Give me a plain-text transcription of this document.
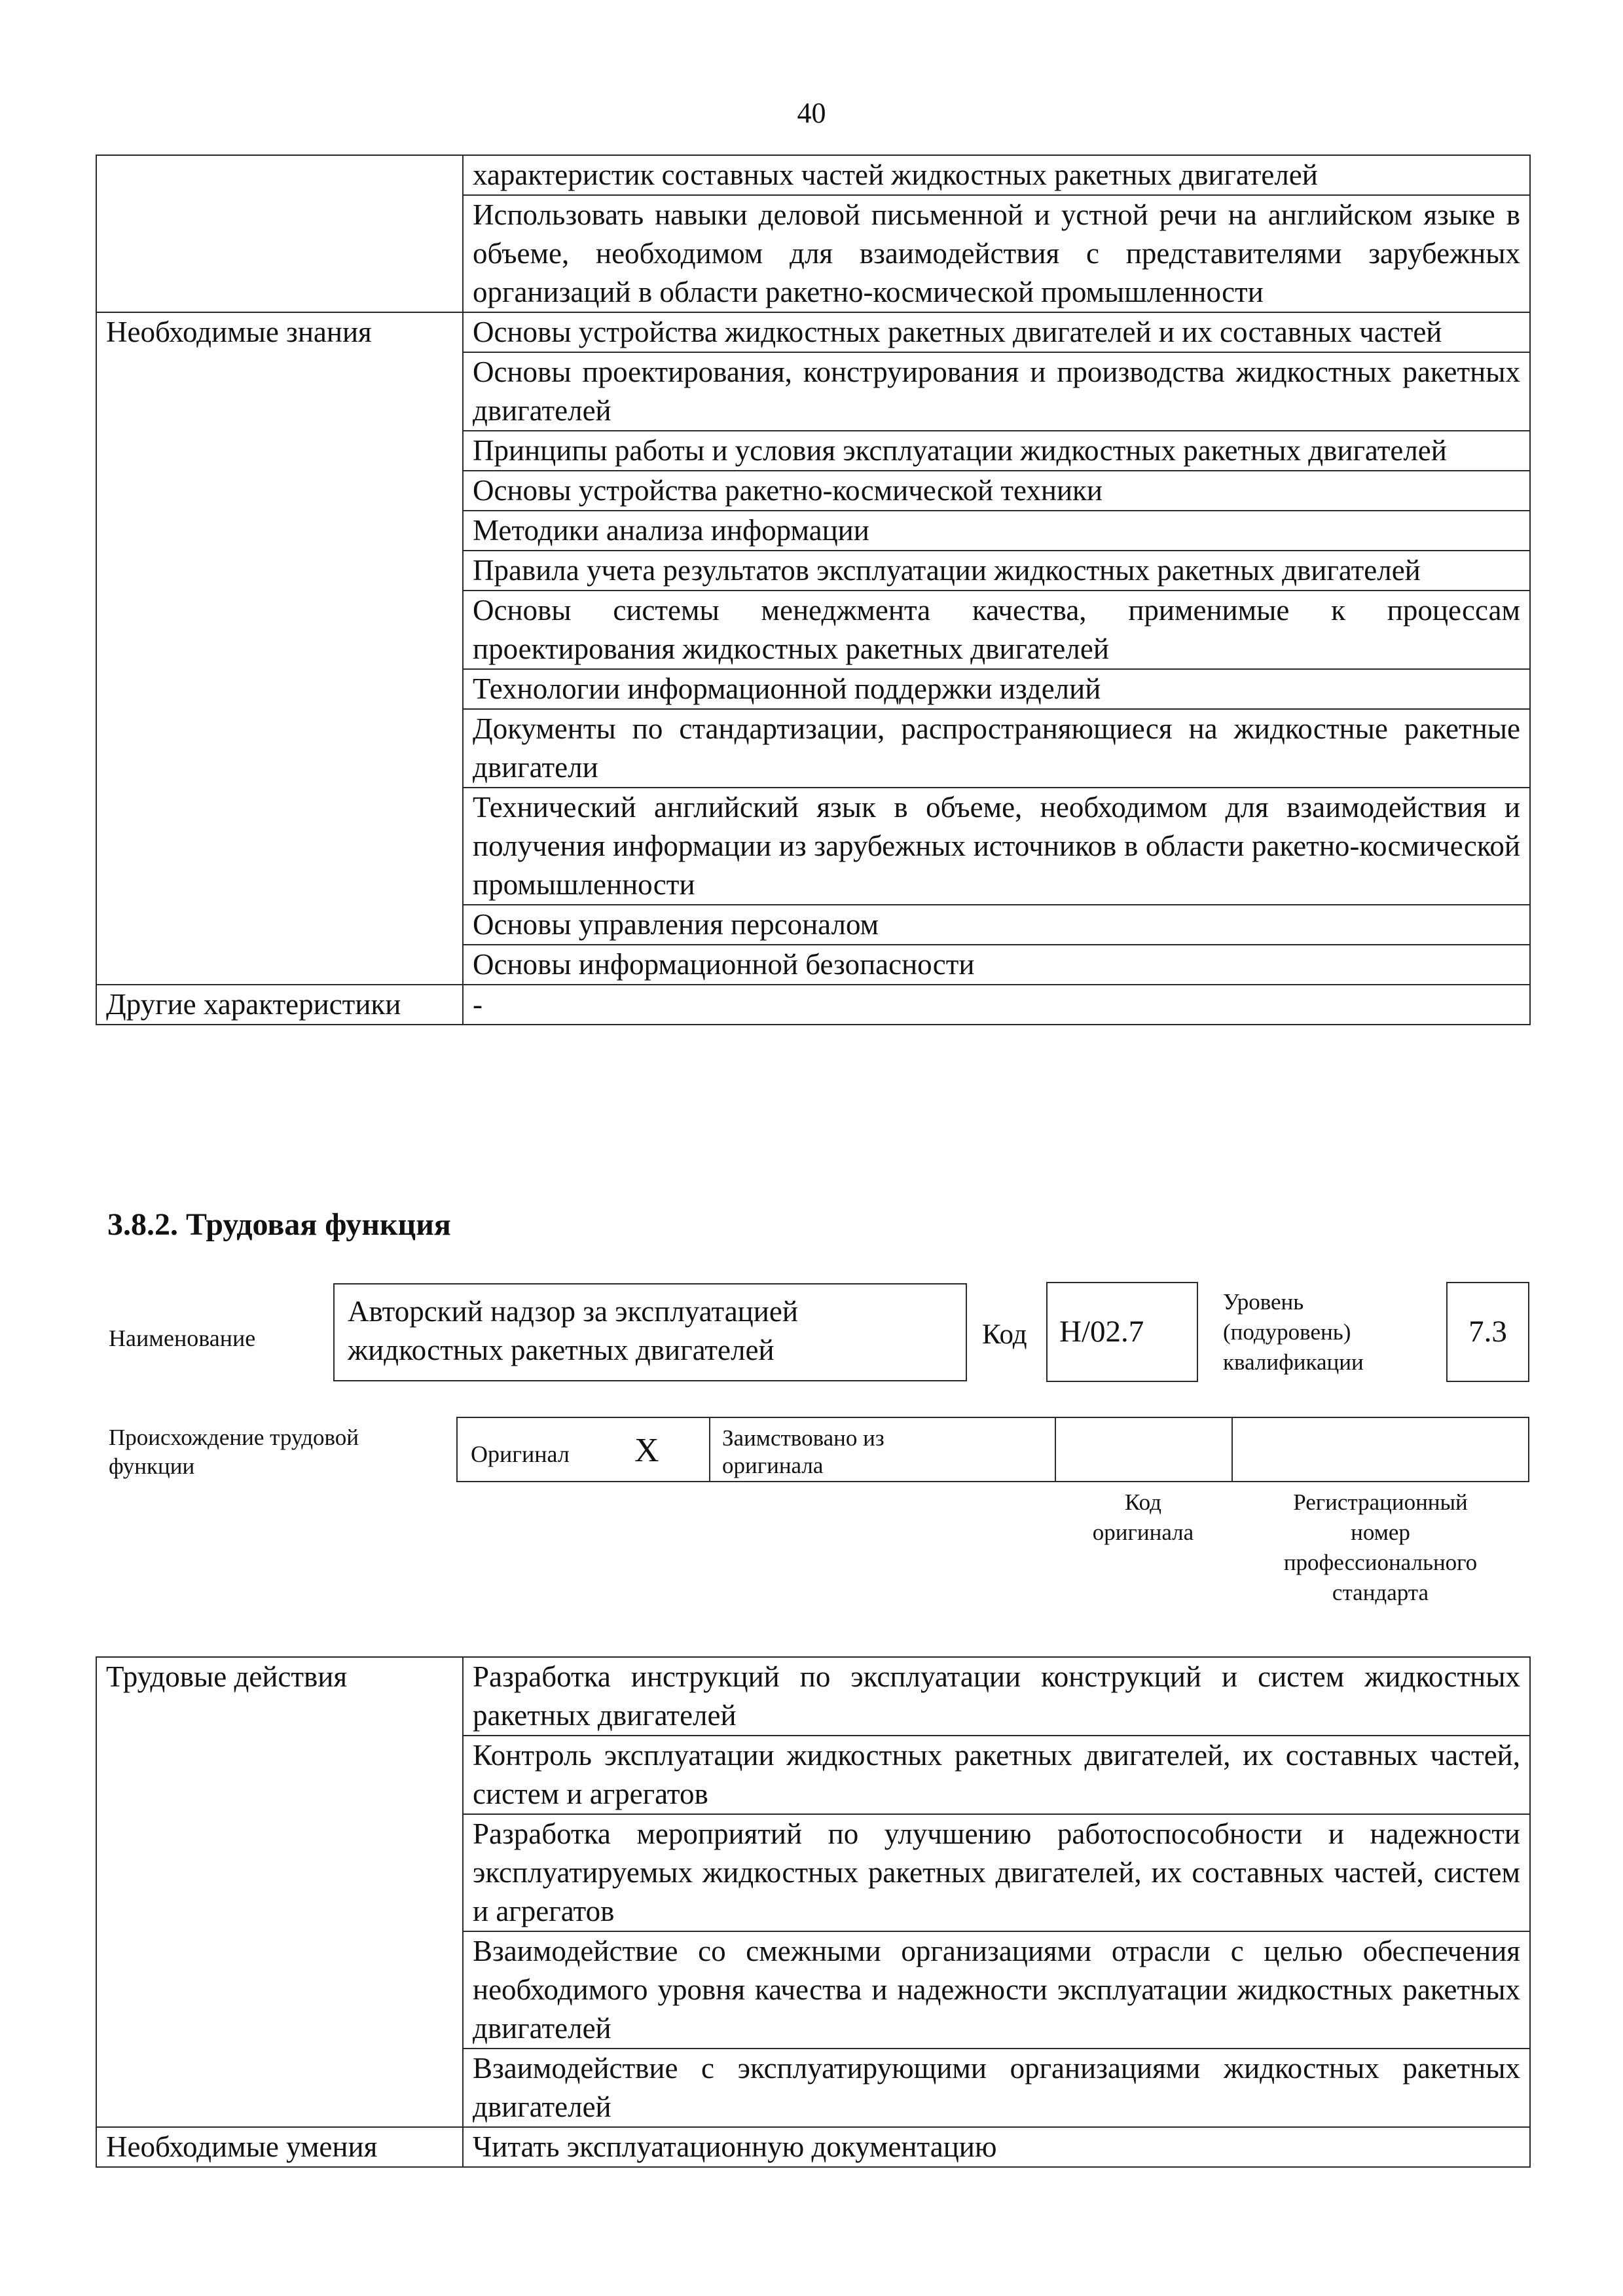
40
	характеристик составных частей жидкостных ракетных двигателей
	Использовать навыки деловой письменной и устной речи на английском языке в объеме, необходимом для взаимодействия с представителями зарубежных организаций в области ракетно-космической промышленности
Необходимые знания	Основы устройства жидкостных ракетных двигателей и их составных частей
	Основы проектирования, конструирования и производства жидкостных ракетных двигателей
	Принципы работы и условия эксплуатации жидкостных ракетных двигателей
	Основы устройства ракетно-космической техники
	Методики анализа информации
	Правила учета результатов эксплуатации жидкостных ракетных двигателей
	Основы системы менеджмента качества, применимые к процессам проектирования жидкостных ракетных двигателей
	Технологии информационной поддержки изделий
	Документы по стандартизации, распространяющиеся на жидкостные ракетные двигатели
	Технический английский язык в объеме, необходимом для взаимодействия и получения информации из зарубежных источников в области ракетно-космической промышленности
	Основы управления персоналом
	Основы информационной безопасности
Другие характеристики	-
3.8.2. Трудовая функция
Наименование
Авторский надзор за эксплуатацией жидкостных ракетных двигателей	Код H/02.7
Уровень
(подуровень)
квалификации
7.3
Происхождение трудовой
функции	Оригинал X	Заимствовано из
оригинала
Код
оригинала
Регистрационный
номер
профессионального
стандарта
Трудовые действия	Разработка инструкций по эксплуатации конструкций и систем жидкостных ракетных двигателей
	Контроль эксплуатации жидкостных ракетных двигателей, их составных частей, систем и агрегатов
	Разработка мероприятий по улучшению работоспособности и надежности эксплуатируемых жидкостных ракетных двигателей, их составных частей, систем и агрегатов
	Взаимодействие со смежными организациями отрасли с целью обеспечения необходимого уровня качества и надежности эксплуатации жидкостных ракетных двигателей
	Взаимодействие с эксплуатирующими организациями жидкостных ракетных двигателей
Необходимые умения	Читать эксплуатационную документацию
